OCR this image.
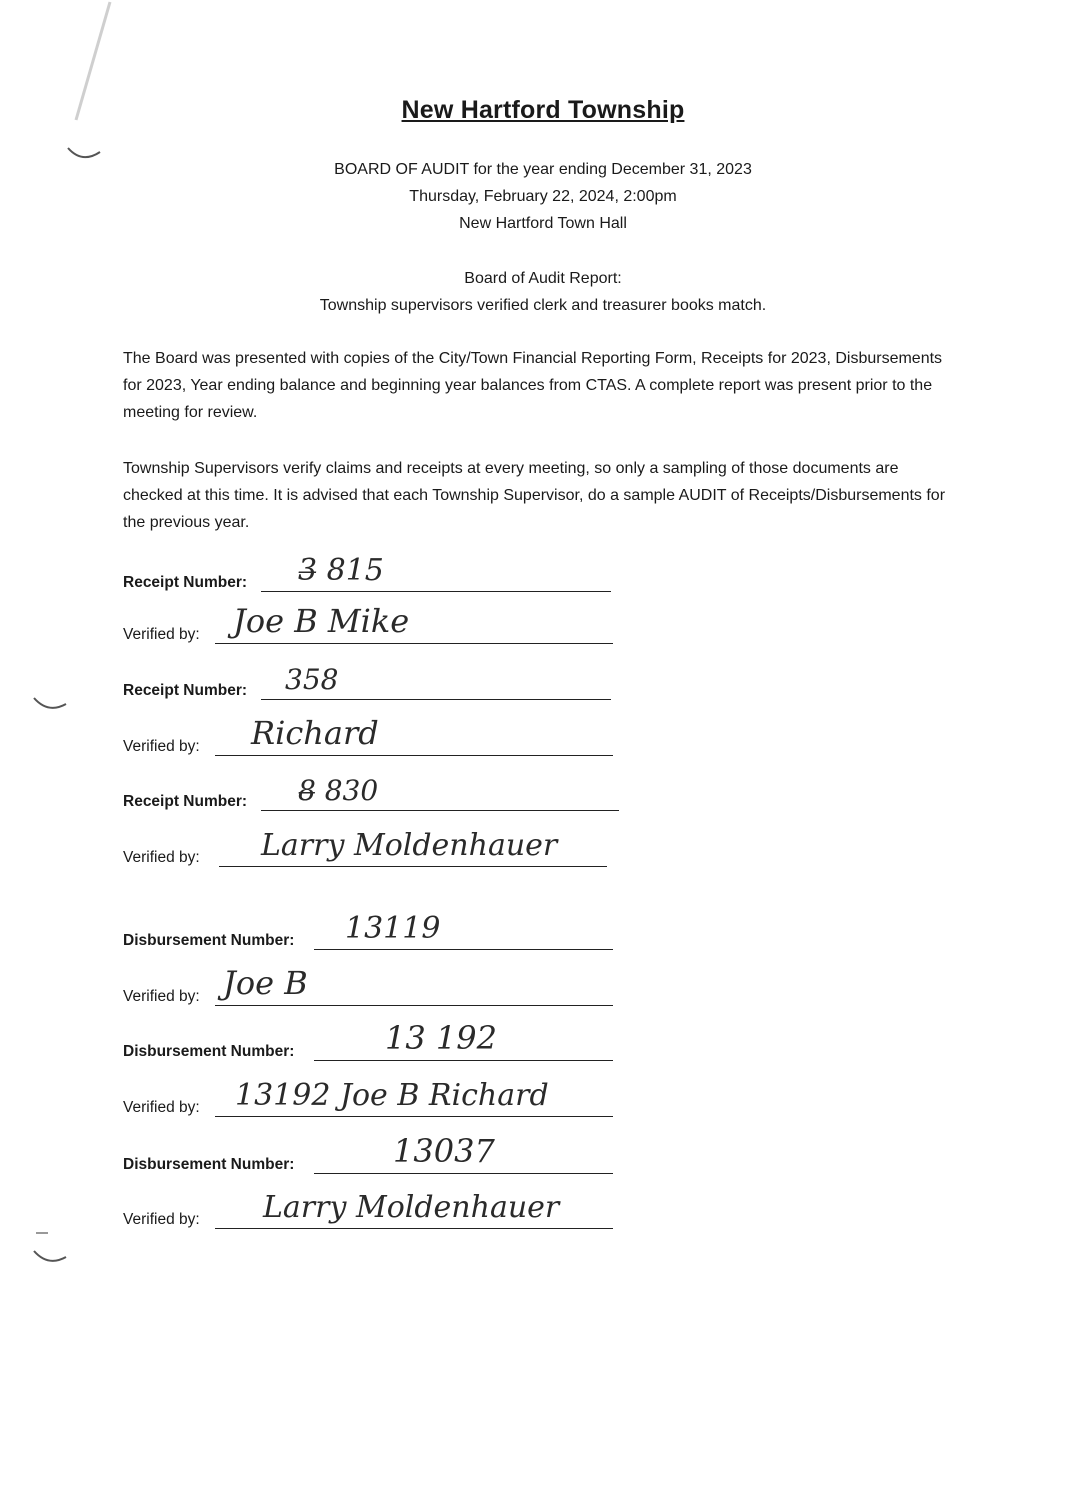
New Hartford Township
BOARD OF AUDIT for the year ending December 31, 2023
Thursday, February 22, 2024, 2:00pm
New Hartford Town Hall
Board of Audit Report:
Township supervisors verified clerk and treasurer books match.
The Board was presented with copies of the City/Town Financial Reporting Form, Receipts for 2023, Disbursements for 2023, Year ending balance and beginning year balances from CTAS. A complete report was present prior to the meeting for review.
Township Supervisors verify claims and receipts at every meeting, so only a sampling of those documents are checked at this time. It is advised that each Township Supervisor, do a sample AUDIT of Receipts/Disbursements for the previous year.
Receipt Number: 3̶ 815
Verified by: Joe B Mike
Receipt Number: 358
Verified by: Richard
Receipt Number: 8̶ 830
Verified by: Larry Moldenhauer
Disbursement Number: 13119
Verified by: Joe B
Disbursement Number:	13 192
Verified by: 13192 Joe B Richard
Disbursement Number:	13037
Verified by: Larry Moldenhauer
